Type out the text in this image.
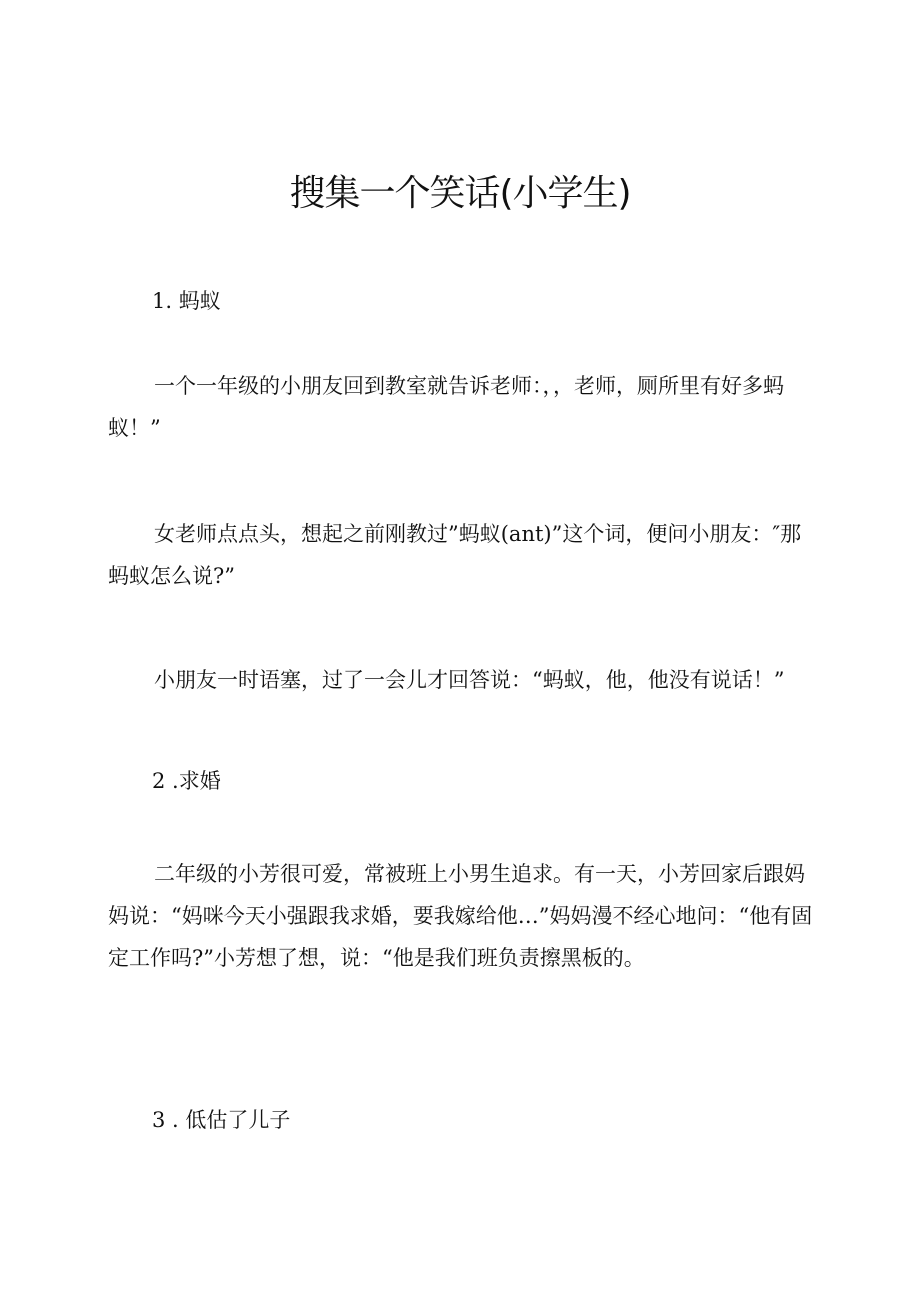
搜集一个笑话(小学生)
1. 蚂蚁

一个一年级的小朋友回到教室就告诉老师：，，老师，厕所里有好多蚂蚁！”

女老师点点头，想起之前刚教过”蚂蚁(ant)”这个词，便问小朋友：″那蚂蚁怎么说?”

小朋友一时语塞，过了一会儿才回答说：“蚂蚁，他，他没有说话！”

2 .求婚

二年级的小芳很可爱，常被班上小男生追求。有一天，小芳回家后跟妈妈说：“妈咪今天小强跟我求婚，要我嫁给他…”妈妈漫不经心地问：“他有固定工作吗?”小芳想了想，说：“他是我们班负责擦黑板的。

3 . 低估了儿子
